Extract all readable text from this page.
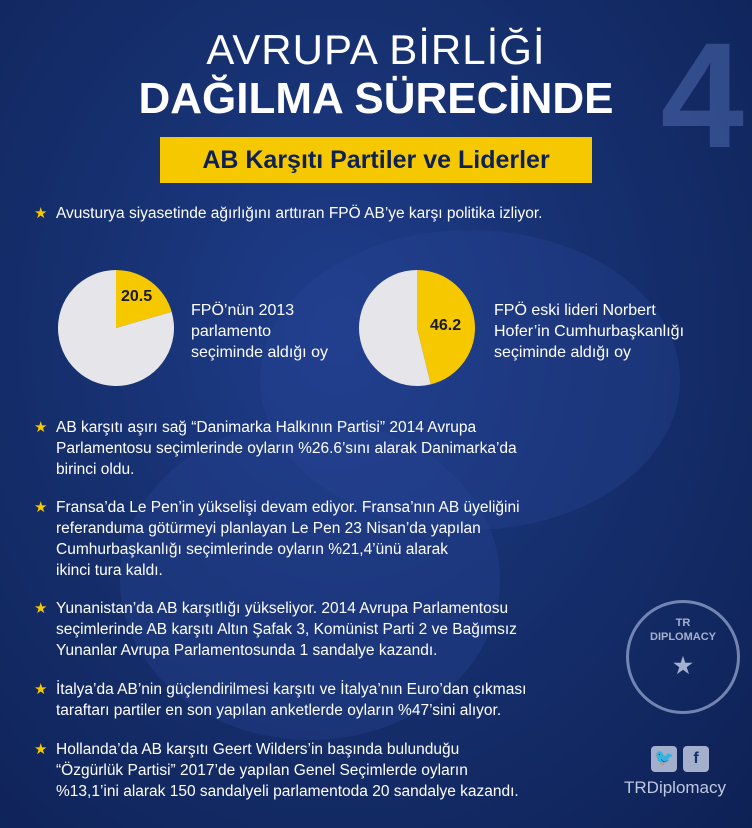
4
AVRUPA BİRLİĞİ
DAĞILMA SÜRECİNDE
AB Karşıtı Partiler ve Liderler
★ Avusturya siyasetinde ağırlığını arttıran FPÖ AB’ye karşı politika izliyor.
20.5
FPÖ’nün 2013
parlamento
seçiminde aldığı oy
46.2
FPÖ eski lideri Norbert
Hofer’in Cumhurbaşkanlığı
seçiminde aldığı oy
★ AB karşıtı aşırı sağ “Danimarka Halkının Partisi” 2014 Avrupa
Parlamentosu seçimlerinde oyların %26.6’sını alarak Danimarka’da
birinci oldu.
★ Fransa’da Le Pen’in yükselişi devam ediyor. Fransa’nın AB üyeliğini
referanduma götürmeyi planlayan Le Pen 23 Nisan’da yapılan
Cumhurbaşkanlığı seçimlerinde oyların %21,4’ünü alarak
ikinci tura kaldı.
★ Yunanistan’da AB karşıtlığı yükseliyor. 2014 Avrupa Parlamentosu
seçimlerinde AB karşıtı Altın Şafak 3, Komünist Parti 2 ve Bağımsız
Yunanlar Avrupa Parlamentosunda 1 sandalye kazandı.
★ İtalya’da AB’nin güçlendirilmesi karşıtı ve İtalya’nın Euro’dan çıkması
taraftarı partiler en son yapılan anketlerde oyların %47’sini alıyor.
★ Hollanda’da AB karşıtı Geert Wilders’in başında bulunduğu
“Özgürlük Partisi” 2017’de yapılan Genel Seçimlerde oyların
%13,1’ini alarak 150 sandalyeli parlamentoda 20 sandalye kazandı.
TR
DIPLOMACY
★
🐦	f
TRDiplomacy
